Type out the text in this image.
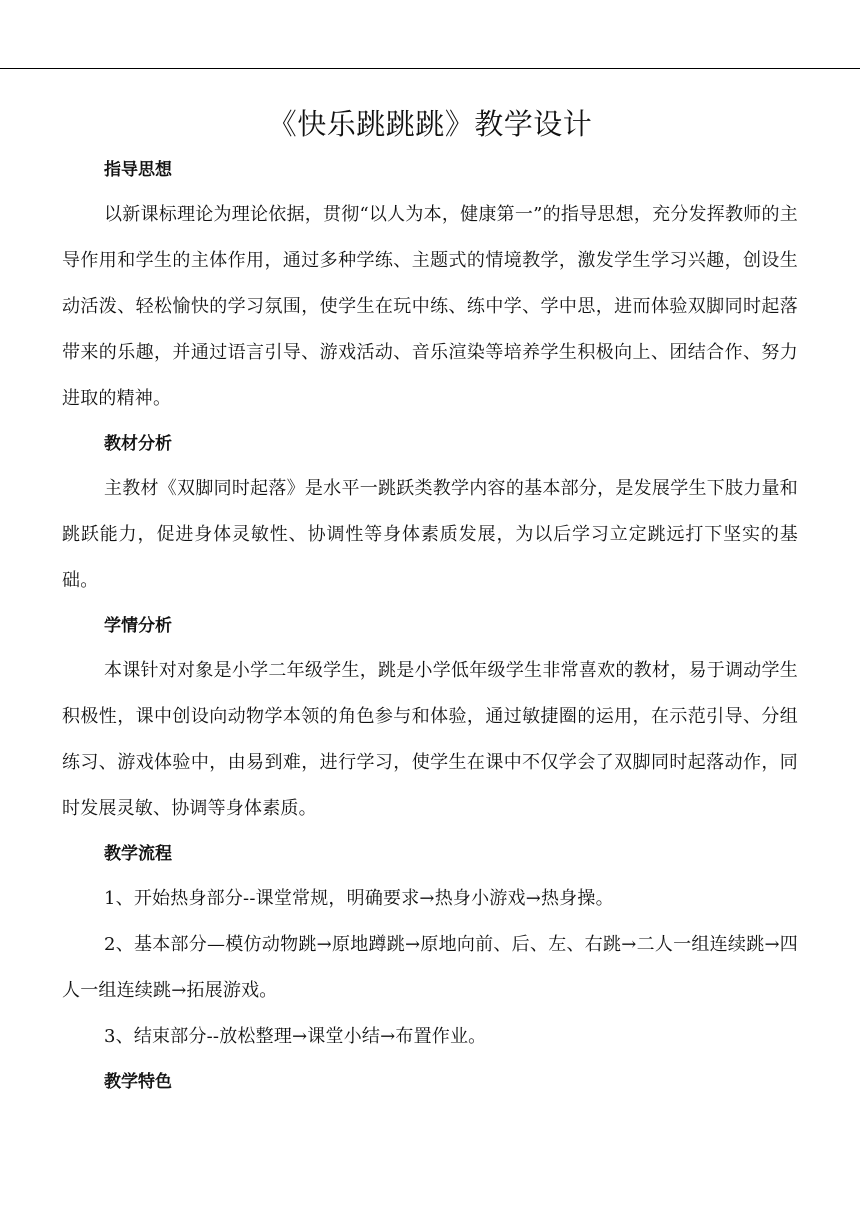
《快乐跳跳跳》教学设计
指导思想

以新课标理论为理论依据，贯彻“以人为本，健康第一”的指导思想，充分发挥教师的主导作用和学生的主体作用，通过多种学练、主题式的情境教学，激发学生学习兴趣，创设生动活泼、轻松愉快的学习氛围，使学生在玩中练、练中学、学中思，进而体验双脚同时起落带来的乐趣，并通过语言引导、游戏活动、音乐渲染等培养学生积极向上、团结合作、努力进取的精神。

教材分析

主教材《双脚同时起落》是水平一跳跃类教学内容的基本部分，是发展学生下肢力量和跳跃能力，促进身体灵敏性、协调性等身体素质发展，为以后学习立定跳远打下坚实的基础。

学情分析

本课针对对象是小学二年级学生，跳是小学低年级学生非常喜欢的教材，易于调动学生积极性，课中创设向动物学本领的角色参与和体验，通过敏捷圈的运用，在示范引导、分组练习、游戏体验中，由易到难，进行学习，使学生在课中不仅学会了双脚同时起落动作，同时发展灵敏、协调等身体素质。

教学流程

1、开始热身部分--课堂常规，明确要求→热身小游戏→热身操。

2、基本部分—模仿动物跳→原地蹲跳→原地向前、后、左、右跳→二人一组连续跳→四人一组连续跳→拓展游戏。

3、结束部分--放松整理→课堂小结→布置作业。

教学特色
